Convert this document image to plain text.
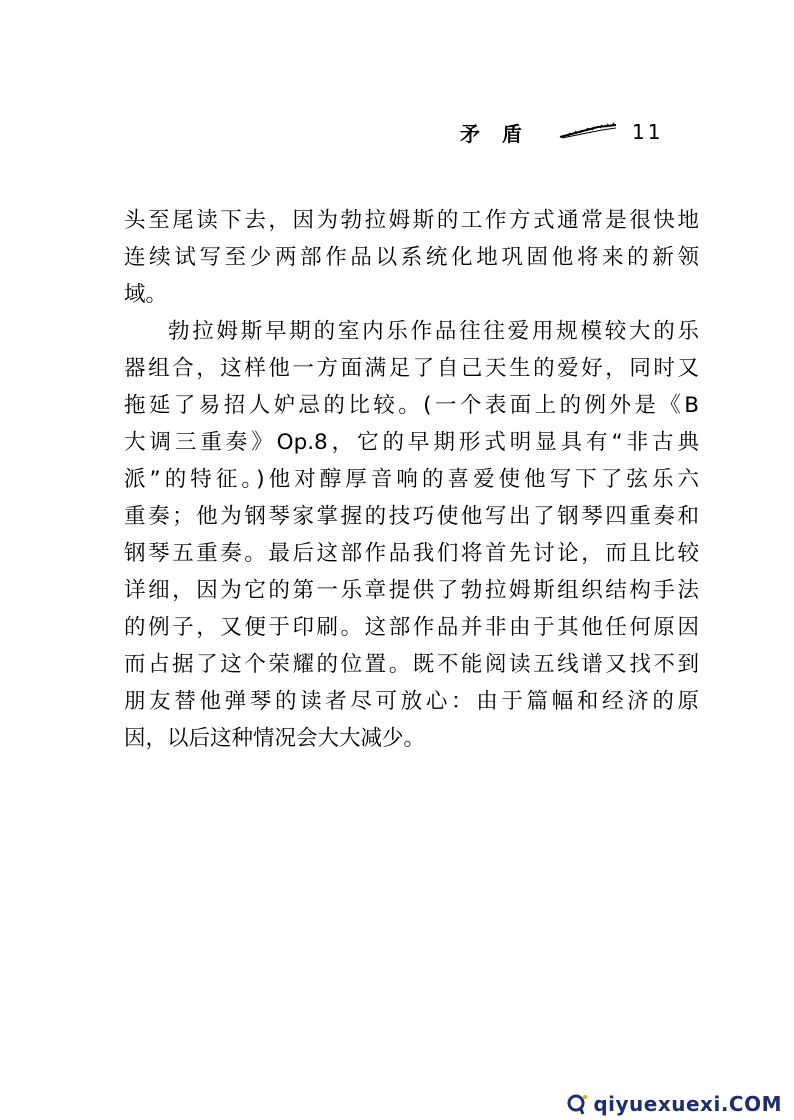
矛盾	11
头至尾读下去，因为勃拉姆斯的工作方式通常是很快地
连续试写至少两部作品以系统化地巩固他将来的新领
域。
勃拉姆斯早期的室内乐作品往往爱用规模较大的乐
器组合，这样他一方面满足了自己天生的爱好，同时又
拖延了易招人妒忌的比较。(一个表面上的例外是《B
大调三重奏》Op.8，它的早期形式明显具有“非古典
派”的特征。)他对醇厚音响的喜爱使他写下了弦乐六
重奏；他为钢琴家掌握的技巧使他写出了钢琴四重奏和
钢琴五重奏。最后这部作品我们将首先讨论，而且比较
详细，因为它的第一乐章提供了勃拉姆斯组织结构手法
的例子，又便于印刷。这部作品并非由于其他任何原因
而占据了这个荣耀的位置。既不能阅读五线谱又找不到
朋友替他弹琴的读者尽可放心：由于篇幅和经济的原
因，以后这种情况会大大减少。
qiyuexuexi.COM
